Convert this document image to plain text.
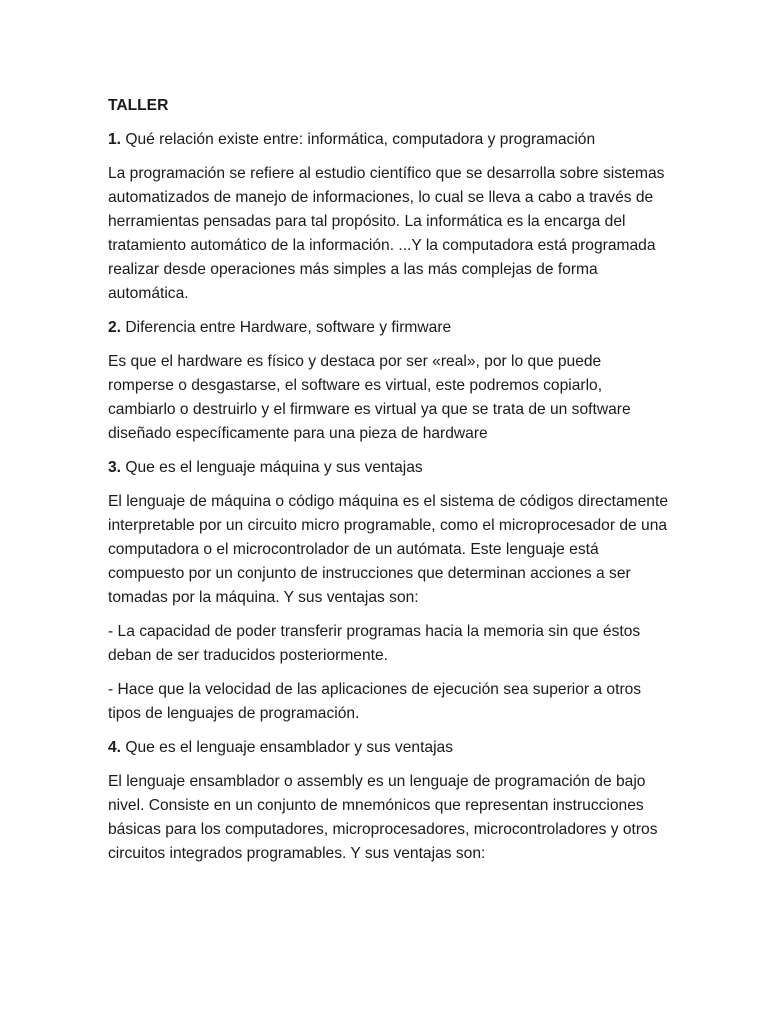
TALLER
1. Qué relación existe entre: informática, computadora y programación
La programación se refiere al estudio científico que se desarrolla sobre sistemas automatizados de manejo de informaciones, lo cual se lleva a cabo a través de herramientas pensadas para tal propósito. La informática es la encarga del tratamiento automático de la información. ...Y la computadora está programada realizar desde operaciones más simples a las más complejas de forma automática.
2. Diferencia entre Hardware, software y firmware
Es que el hardware es físico y destaca por ser «real», por lo que puede romperse o desgastarse, el software es virtual, este podremos copiarlo, cambiarlo o destruirlo y el firmware es virtual ya que se trata de un software diseñado específicamente para una pieza de hardware
3. Que es el lenguaje máquina y sus ventajas
El lenguaje de máquina o código máquina es el sistema de códigos directamente interpretable por un circuito micro programable, como el microprocesador de una computadora o el microcontrolador de un autómata. Este lenguaje está compuesto por un conjunto de instrucciones que determinan acciones a ser tomadas por la máquina. Y sus ventajas son:
- La capacidad de poder transferir programas hacia la memoria sin que éstos deban de ser traducidos posteriormente.
- Hace que la velocidad de las aplicaciones de ejecución sea superior a otros tipos de lenguajes de programación.
4. Que es el lenguaje ensamblador y sus ventajas
El lenguaje ensamblador o assembly es un lenguaje de programación de bajo nivel. Consiste en un conjunto de mnemónicos que representan instrucciones básicas para los computadores, microprocesadores, microcontroladores y otros circuitos integrados programables. Y sus ventajas son:
